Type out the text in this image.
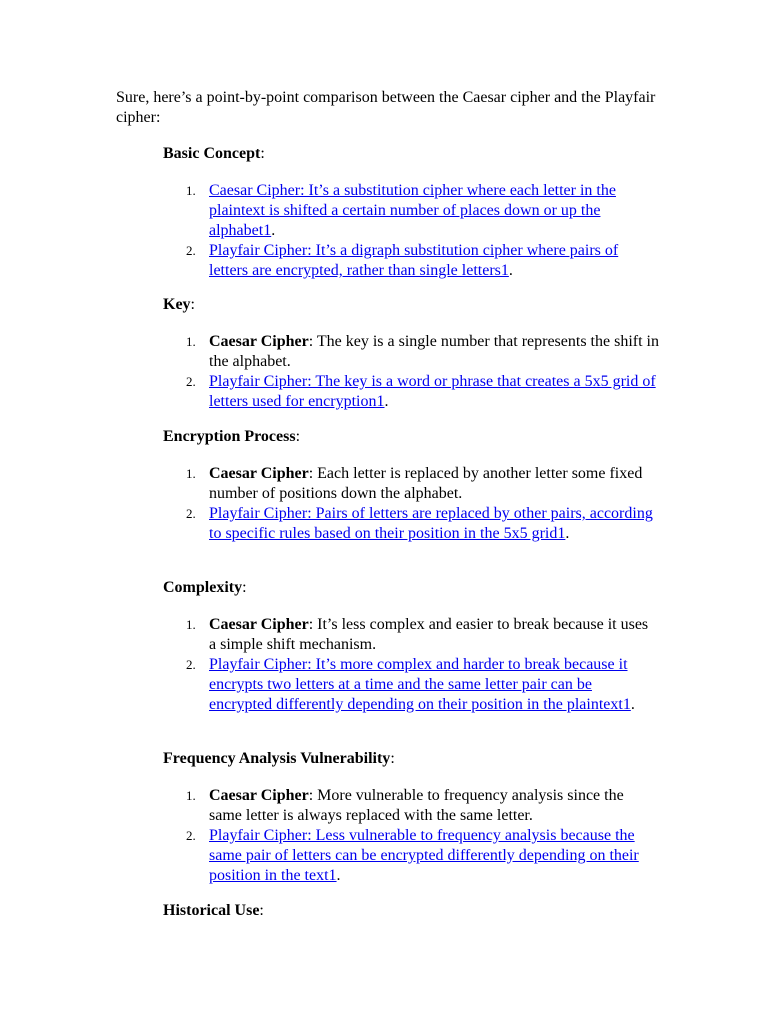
Sure, here’s a point-by-point comparison between the Caesar cipher and the Playfair cipher:

Basic Concept:
1. Caesar Cipher: It’s a substitution cipher where each letter in the plaintext is shifted a certain number of places down or up the alphabet1.
2. Playfair Cipher: It’s a digraph substitution cipher where pairs of letters are encrypted, rather than single letters1.
Key:
1. Caesar Cipher: The key is a single number that represents the shift in the alphabet.
2. Playfair Cipher: The key is a word or phrase that creates a 5x5 grid of letters used for encryption1.
Encryption Process:
1. Caesar Cipher: Each letter is replaced by another letter some fixed number of positions down the alphabet.
2. Playfair Cipher: Pairs of letters are replaced by other pairs, according to specific rules based on their position in the 5x5 grid1.
Complexity:
1. Caesar Cipher: It’s less complex and easier to break because it uses a simple shift mechanism.
2. Playfair Cipher: It’s more complex and harder to break because it encrypts two letters at a time and the same letter pair can be encrypted differently depending on their position in the plaintext1.
Frequency Analysis Vulnerability:
1. Caesar Cipher: More vulnerable to frequency analysis since the same letter is always replaced with the same letter.
2. Playfair Cipher: Less vulnerable to frequency analysis because the same pair of letters can be encrypted differently depending on their position in the text1.
Historical Use:
